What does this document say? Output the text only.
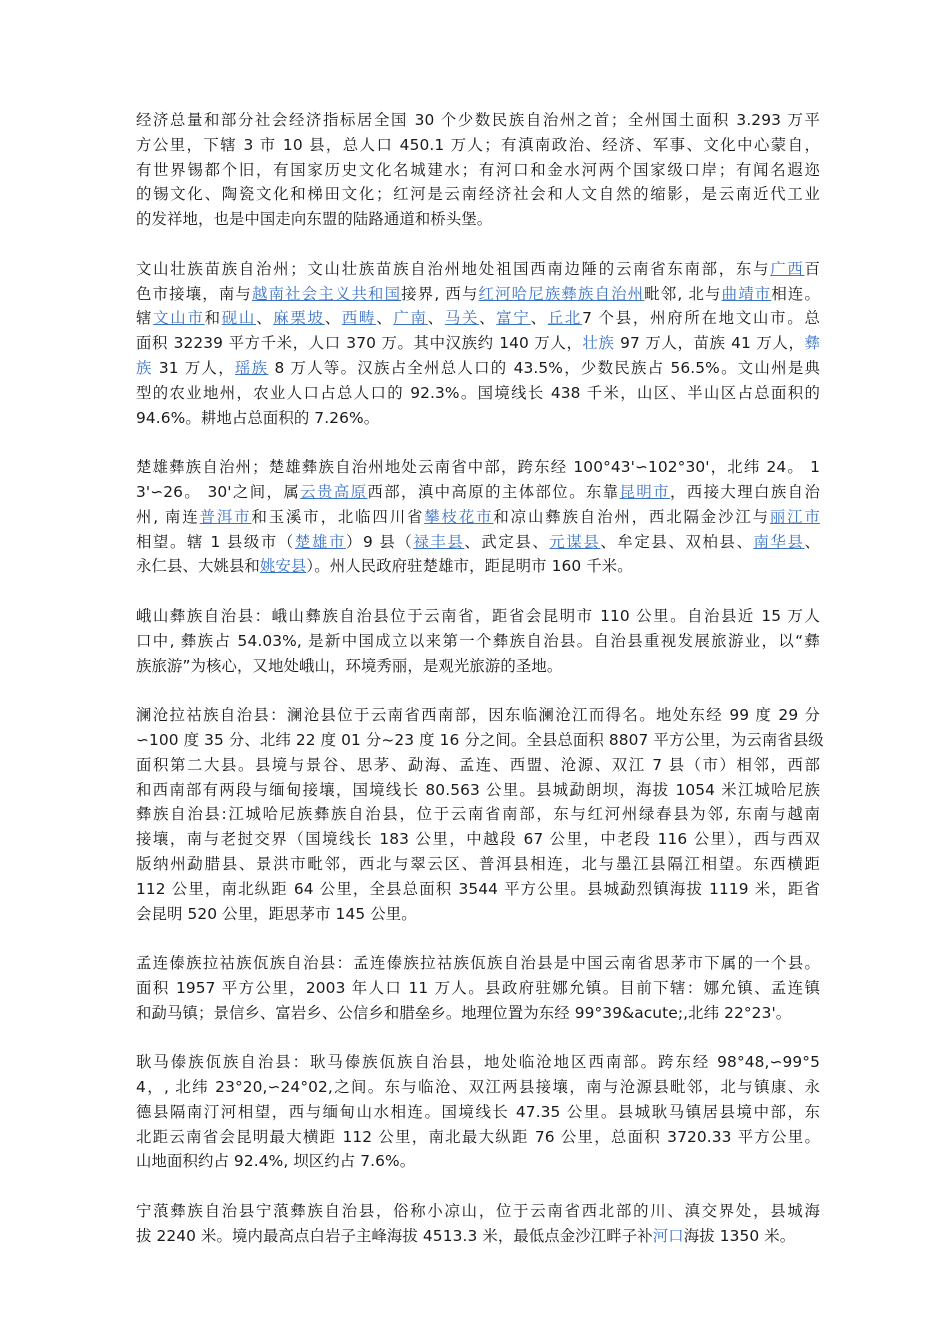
经济总量和部分社会经济指标居全国 30 个少数民族自治州之首；全州国土面积 3.293 万平
方公里，下辖 3 市 10 县，总人口 450.1 万人；有滇南政治、经济、军事、文化中心蒙自，
有世界锡都个旧，有国家历史文化名城建水；有河口和金水河两个国家级口岸；有闻名遐迩
的锡文化、陶瓷文化和梯田文化；红河是云南经济社会和人文自然的缩影，是云南近代工业
的发祥地，也是中国走向东盟的陆路通道和桥头堡。
文山壮族苗族自治州；文山壮族苗族自治州地处祖国西南边陲的云南省东南部，东与广西百
色市接壤，南与越南社会主义共和国接界, 西与红河哈尼族彝族自治州毗邻, 北与曲靖市相连。
辖文山市和砚山、麻栗坡、西畴、广南、马关、富宁、丘北7 个县，州府所在地文山市。总
面积 32239 平方千米，人口 370 万。其中汉族约 140 万人，壮族 97 万人，苗族 41 万人，彝
族 31 万人，瑶族 8 万人等。汉族占全州总人口的 43.5%，少数民族占 56.5%。文山州是典
型的农业地州，农业人口占总人口的 92.3%。国境线长 438 千米，山区、半山区占总面积的
94.6%。耕地占总面积的 7.26%。
楚雄彝族自治州；楚雄彝族自治州地处云南省中部，跨东经 100°43'∽102°30'，北纬 24。 1
3'∽26。 30'之间，属云贵高原西部，滇中高原的主体部位。东靠昆明市，西接大理白族自治
州, 南连普洱市和玉溪市，北临四川省攀枝花市和凉山彝族自治州，西北隔金沙江与丽江市
相望。辖 1 县级市（楚雄市）9 县（禄丰县、武定县、元谋县、牟定县、双柏县、南华县、
永仁县、大姚县和姚安县）。州人民政府驻楚雄市，距昆明市 160 千米。
峨山彝族自治县：峨山彝族自治县位于云南省，距省会昆明市 110 公里。自治县近 15 万人
口中, 彝族占 54.03%, 是新中国成立以来第一个彝族自治县。自治县重视发展旅游业，以“彝
族旅游”为核心，又地处峨山，环境秀丽，是观光旅游的圣地。
澜沧拉祜族自治县：澜沧县位于云南省西南部，因东临澜沧江而得名。地处东经 99 度 29 分
∽100 度 35 分、北纬 22 度 01 分~23 度 16 分之间。全县总面积 8807 平方公里，为云南省县级
面积第二大县。县境与景谷、思茅、勐海、孟连、西盟、沧源、双江 7 县（市）相邻，西部
和西南部有两段与缅甸接壤，国境线长 80.563 公里。县城勐朗坝，海拔 1054 米江城哈尼族
彝族自治县:江城哈尼族彝族自治县，位于云南省南部，东与红河州绿春县为邻, 东南与越南
接壤，南与老挝交界（国境线长 183 公里，中越段 67 公里，中老段 116 公里），西与西双
版纳州勐腊县、景洪市毗邻，西北与翠云区、普洱县相连，北与墨江县隔江相望。东西横距
112 公里，南北纵距 64 公里，全县总面积 3544 平方公里。县城勐烈镇海拔 1119 米，距省
会昆明 520 公里，距思茅市 145 公里。
孟连傣族拉祜族佤族自治县：孟连傣族拉祜族佤族自治县是中国云南省思茅市下属的一个县。
面积 1957 平方公里，2003 年人口 11 万人。县政府驻娜允镇。目前下辖：娜允镇、孟连镇
和勐马镇；景信乡、富岩乡、公信乡和腊垒乡。地理位置为东经 99°39&acute;,北纬 22°23'。
耿马傣族佤族自治县：耿马傣族佤族自治县，地处临沧地区西南部。跨东经 98°48,∽99°5
4，, 北纬 23°20,∽24°02,之间。东与临沧、双江两县接壤，南与沧源县毗邻，北与镇康、永
德县隔南汀河相望，西与缅甸山水相连。国境线长 47.35 公里。县城耿马镇居县境中部，东
北距云南省会昆明最大横距 112 公里，南北最大纵距 76 公里，总面积 3720.33 平方公里。
山地面积约占 92.4%, 坝区约占 7.6%。
宁蒗彝族自治县宁蒗彝族自治县，俗称小凉山，位于云南省西北部的川、滇交界处，县城海
拔 2240 米。境内最高点白岩子主峰海拔 4513.3 米，最低点金沙江畔子补河口海拔 1350 米。
